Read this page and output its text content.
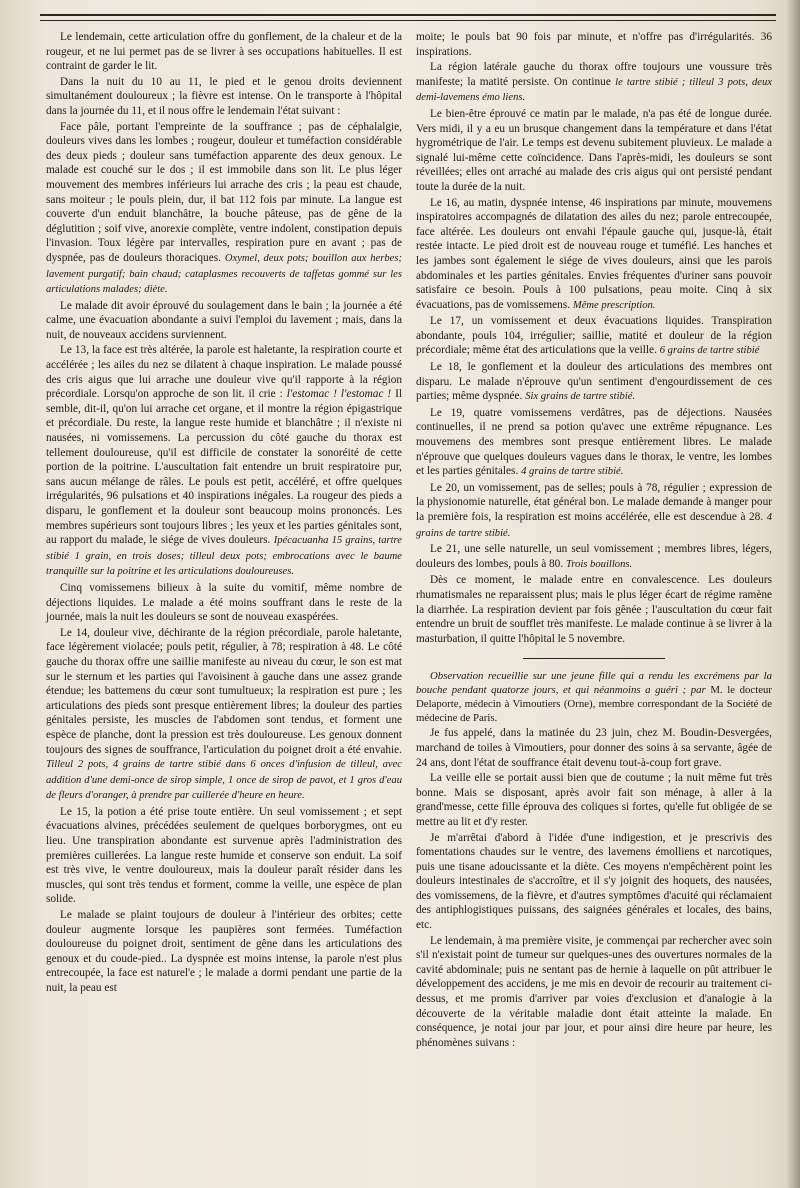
Le lendemain, cette articulation offre du gonflement, de la chaleur et de la rougeur, et ne lui permet pas de se livrer à ses occupations habituelles. Il est contraint de garder le lit.

Dans la nuit du 10 au 11, le pied et le genou droits deviennent simultanément douloureux ; la fièvre est intense. On le transporte à l'hôpital dans la journée du 11, et il nous offre le lendemain l'état suivant :

Face pâle, portant l'empreinte de la souffrance ; pas de céphalalgie, douleurs vives dans les lombes ; rougeur, douleur et tuméfaction considérable des deux pieds ; douleur sans tuméfaction apparente des deux genoux. Le malade est couché sur le dos ; il est immobile dans son lit. Le plus léger mouvement des membres inférieurs lui arrache des cris ; la peau est chaude, sans moiteur ; le pouls plein, dur, il bat 112 fois par minute. La langue est couverte d'un enduit blanchâtre, la bouche pâteuse, pas de gêne de la déglutition ; soif vive, anorexie complète, ventre indolent, constipation depuis l'invasion. Toux légère par intervalles, respiration pure en avant ; pas de dyspnée, pas de douleurs thoraciques. Oxymel, deux pots; bouillon aux herbes; lavement purgatif; bain chaud; cataplasmes recouverts de taffetas gommé sur les articulations malades; diète.

Le malade dit avoir éprouvé du soulagement dans le bain ; la journée a été calme, une évacuation abondante a suivi l'emploi du lavement ; mais, dans la nuit, de nouveaux accidens surviennent.

Le 13, la face est très altérée, la parole est haletante, la respiration courte et accélérée ; les ailes du nez se dilatent à chaque inspiration. Le malade poussé des cris aigus que lui arrache une douleur vive qu'il rapporte à la région précordiale. Lorsqu'on approche de son lit. il crie : l'estomac ! l'estomac ! Il semble, dit-il, qu'on lui arrache cet organe, et il montre la région épigastrique et précordiale. Du reste, la langue reste humide et blanchâtre ; il n'existe ni nausées, ni vomissemens. La percussion du côté gauche du thorax est tellement douloureuse, qu'il est difficile de constater la sonoréité de cette portion de la poitrine. L'auscultation fait entendre un bruit respiratoire pur, sans aucun mélange de râles. Le pouls est petit, accéléré, et offre quelques irrégularités, 96 pulsations et 40 inspirations inégales. La rougeur des pieds a disparu, le gonflement et la douleur sont beaucoup moins prononcés. Les membres supérieurs sont toujours libres ; les yeux et les parties génitales sont, au rapport du malade, le siége de vives douleurs. Ipécacuanha 15 grains, tartre stibié 1 grain, en trois doses; tilleul deux pots; embrocations avec le baume tranquille sur la poitrine et les articulations douloureuses.

Cinq vomissemens bilieux à la suite du vomitif, même nombre de déjections liquides. Le malade a été moins souffrant dans le reste de la journée, mais la nuit les douleurs se sont de nouveau exaspérées.

Le 14, douleur vive, déchirante de la région précordiale, parole haletante, face légèrement violacée; pouls petit, régulier, à 78; respiration à 48. Le côté gauche du thorax offre une saillie manifeste au niveau du cœur, le son est mat sur le sternum et les parties qui l'avoisinent à gauche dans une assez grande étendue; les battemens du cœur sont tumultueux; la respiration est pure ; les articulations des pieds sont presque entièrement libres; la douleur des parties génitales persiste, les muscles de l'abdomen sont tendus, et forment une espèce de planche, dont la pression est très douloureuse. Les genoux donnent toujours des signes de souffrance, l'articulation du poignet droit a été envahie. Tilleul 2 pots, 4 grains de tartre stibié dans 6 onces d'infusion de tilleul, avec addition d'une demi-once de sirop simple, 1 once de sirop de pavot, et 1 gros d'eau de fleurs d'oranger, à prendre par cuillerée d'heure en heure.

Le 15, la potion a été prise toute entière. Un seul vomissement ; et sept évacuations alvines, précédées seulement de quelques borborygmes, ont eu lieu. Une transpiration abondante est survenue après l'administration des premières cuillerées. La langue reste humide et conserve son enduit. La soif est très vive, le ventre douloureux, mais la douleur paraît résider dans les muscles, qui sont très tendus et forment, comme la veille, une espèce de plan solide.

Le malade se plaint toujours de douleur à l'intérieur des orbites; cette douleur augmente lorsque les paupières sont fermées. Tuméfaction douloureuse du poignet droit, sentiment de gêne dans les articulations des genoux et du coude-pied.. La dyspnée est moins intense, la parole n'est plus entrecoupée, la face est naturel'e ; le malade a dormi pendant une partie de la nuit, la peau est

moite; le pouls bat 90 fois par minute, et n'offre pas d'irrégularités. 36 inspirations.

La région latérale gauche du thorax offre toujours une voussure très manifeste; la matité persiste. On continue le tartre stibié ; tilleul 3 pots, deux demi-lavemens émo liens.

Le bien-être éprouvé ce matin par le malade, n'a pas été de longue durée. Vers midi, il y a eu un brusque changement dans la température et dans l'état hygrométrique de l'air. Le temps est devenu subitement pluvieux. Le malade a signalé lui-même cette coïncidence. Dans l'après-midi, les douleurs se sont réveillées; elles ont arraché au malade des cris aigus qui ont persisté pendant toute la durée de la nuit.

Le 16, au matin, dyspnée intense, 46 inspirations par minute, mouvemens inspiratoires accompagnés de dilatation des ailes du nez; parole entrecoupée, face altérée. Les douleurs ont envahi l'épaule gauche qui, jusque-là, était restée intacte. Le pied droit est de nouveau rouge et tuméfié. Les hanches et les jambes sont également le siége de vives douleurs, ainsi que les parois abdominales et les parties génitales. Envies fréquentes d'uriner sans pouvoir satisfaire ce besoin. Pouls à 100 pulsations, peau moite. Cinq à six évacuations, pas de vomissemens. Même prescription.

Le 17, un vomissement et deux évacuations liquides. Transpiration abondante, pouls 104, irrégulier; saillie, matité et douleur de la région précordiale; même état des articulations que la veille. 6 grains de tartre stibié

Le 18, le gonflement et la douleur des articulations des membres ont disparu. Le malade n'éprouve qu'un sentiment d'engourdissement de ces parties; même dyspnée. Six grains de tartre stibié.

Le 19, quatre vomissemens verdâtres, pas de déjections. Nausées continuelles, il ne prend sa potion qu'avec une extrême répugnance. Les mouvemens des membres sont presque entièrement libres. Le malade n'éprouve que quelques douleurs vagues dans le thorax, le ventre, les lombes et les parties génitales. 4 grains de tartre stibié.

Le 20, un vomissement, pas de selles; pouls à 78, régulier ; expression de la physionomie naturelle, état général bon. Le malade demande à manger pour la première fois, la respiration est moins accélérée, elle est descendue à 28. 4 grains de tartre stibié.

Le 21, une selle naturelle, un seul vomissement ; membres libres, légers, douleurs des lombes, pouls à 80. Trois bouillons.

Dès ce moment, le malade entre en convalescence. Les douleurs rhumatismales ne reparaissent plus; mais le plus léger écart de régime ramène la diarrhée. La respiration devient par fois gênée ; l'auscultation du cœur fait entendre un bruit de soufflet très manifeste. Le malade continue à se livrer à la masturbation, il quitte l'hôpital le 5 novembre.

Observation recueillie sur une jeune fille qui a rendu les excrémens par la bouche pendant quatorze jours, et qui néanmoins a guéri ; par M. le docteur Delaporte, médecin à Vimoutiers (Orne), membre correspondant de la Société de médecine de Paris.

Je fus appelé, dans la matinée du 23 juin, chez M. Boudin-Desvergées, marchand de toiles à Vimoutiers, pour donner des soins à sa servante, âgée de 24 ans, dont l'état de souffrance était devenu tout-à-coup fort grave.

La veille elle se portait aussi bien que de coutume ; la nuit même fut très bonne. Mais se disposant, après avoir fait son ménage, à aller à la grand'messe, cette fille éprouva des coliques si fortes, qu'elle fut obligée de se mettre au lit et d'y rester.

Je m'arrêtai d'abord à l'idée d'une indigestion, et je prescrivis des fomentations chaudes sur le ventre, des lavemens émolliens et narcotiques, puis une tisane adoucissante et la diète. Ces moyens n'empêchèrent point les douleurs intestinales de s'accroître, et il s'y joignit des hoquets, des nausées, des vomissemens, de la fièvre, et d'autres symptômes d'acuité qui réclamaient des antiphlogistiques puissans, des saignées générales et locales, des bains, etc.

Le lendemain, à ma première visite, je commençai par rechercher avec soin s'il n'existait point de tumeur sur quelques-unes des ouvertures normales de la cavité abdominale; puis ne sentant pas de hernie à laquelle on pût attribuer le développement des accidens, je me mis en devoir de recourir au traitement ci-dessus, et me promis d'arriver par voies d'exclusion et d'analogie à la découverte de la véritable maladie dont était atteinte la malade. En conséquence, je notai jour par jour, et pour ainsi dire heure par heure, les phénomènes suivans :
